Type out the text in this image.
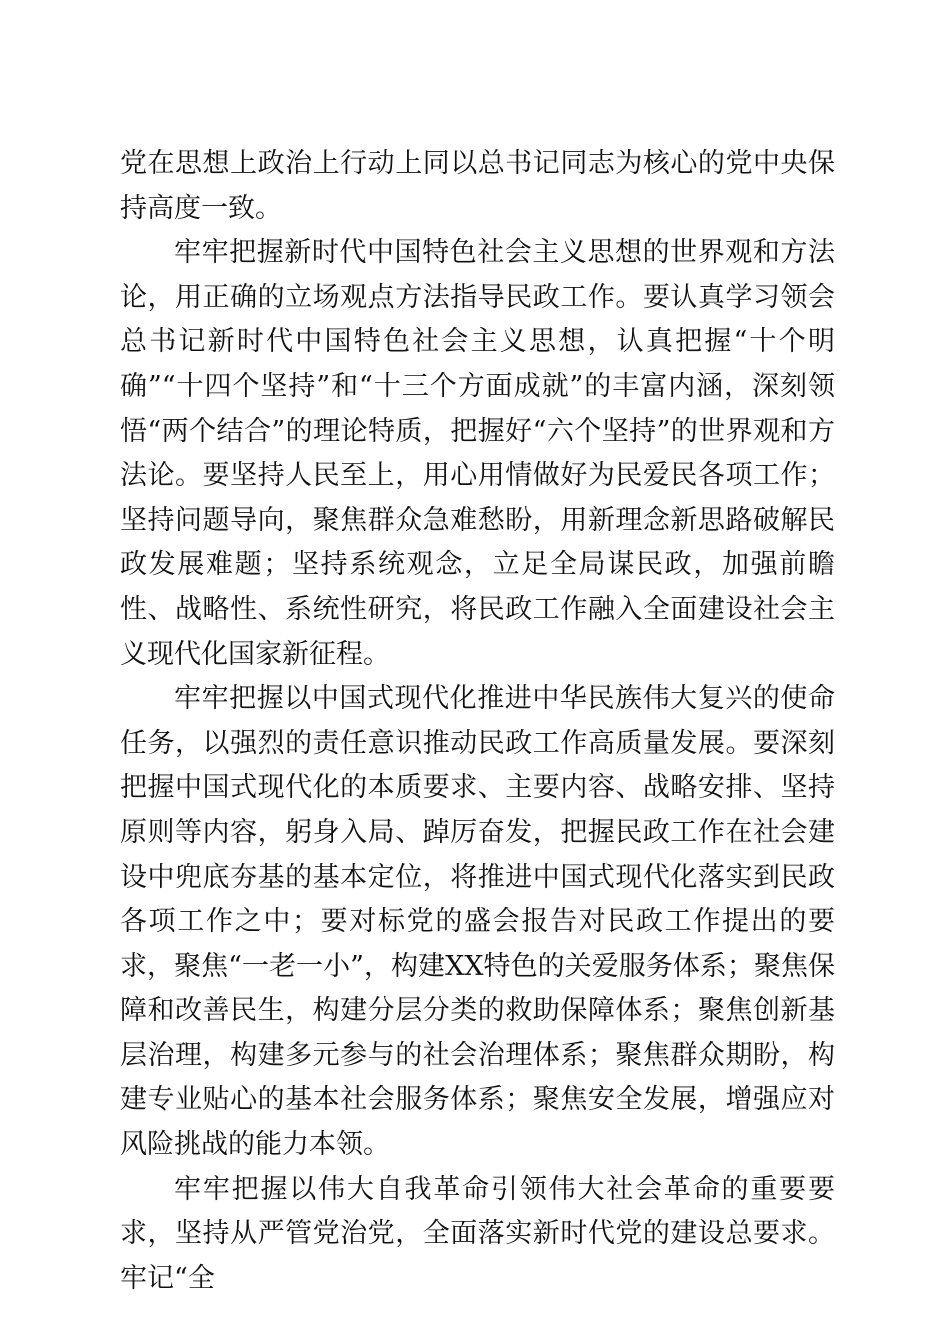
党在思想上政治上行动上同以总书记同志为核心的党中央保持高度一致。

牢牢把握新时代中国特色社会主义思想的世界观和方法论，用正确的立场观点方法指导民政工作。要认真学习领会总书记新时代中国特色社会主义思想，认真把握“十个明确”“十四个坚持”和“十三个方面成就”的丰富内涵，深刻领悟“两个结合”的理论特质，把握好“六个坚持”的世界观和方法论。要坚持人民至上，用心用情做好为民爱民各项工作；坚持问题导向，聚焦群众急难愁盼，用新理念新思路破解民政发展难题；坚持系统观念，立足全局谋民政，加强前瞻性、战略性、系统性研究，将民政工作融入全面建设社会主义现代化国家新征程。

牢牢把握以中国式现代化推进中华民族伟大复兴的使命任务，以强烈的责任意识推动民政工作高质量发展。要深刻把握中国式现代化的本质要求、主要内容、战略安排、坚持原则等内容，躬身入局、踔厉奋发，把握民政工作在社会建设中兜底夯基的基本定位，将推进中国式现代化落实到民政各项工作之中；要对标党的盛会报告对民政工作提出的要求，聚焦“一老一小”，构建XX特色的关爱服务体系；聚焦保障和改善民生，构建分层分类的救助保障体系；聚焦创新基层治理，构建多元参与的社会治理体系；聚焦群众期盼，构建专业贴心的基本社会服务体系；聚焦安全发展，增强应对风险挑战的能力本领。

牢牢把握以伟大自我革命引领伟大社会革命的重要要求，坚持从严管党治党，全面落实新时代党的建设总要求。牢记“全
